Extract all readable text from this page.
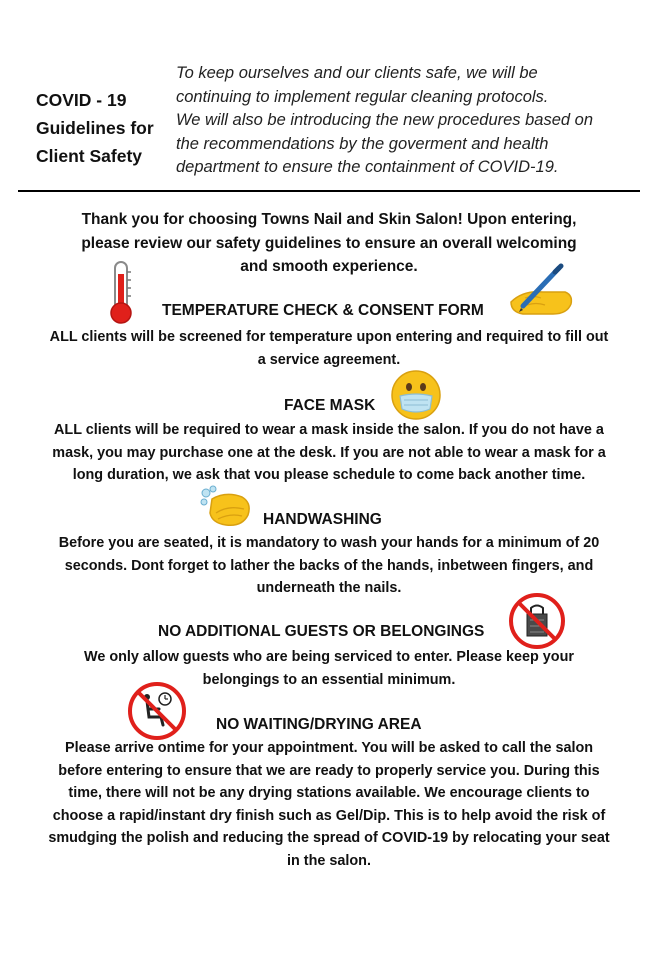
COVID - 19
Guidelines for
Client Safety
To keep ourselves and our clients safe, we will be
continuing to implement regular cleaning protocols.
We will also be introducing the new procedures based on
the recommendations by the goverment and health
department to ensure the containment of COVID-19.
Thank you for choosing Towns Nail and Skin Salon! Upon entering,
please review our safety guidelines to ensure an overall welcoming
and smooth experience.
TEMPERATURE CHECK & CONSENT FORM
ALL clients will be screened for temperature upon entering and required to fill out
a service agreement.
FACE MASK
ALL clients will be required to wear a mask inside the salon. If you do not have a
mask, you may purchase one at the desk. If you are not able to wear a mask for a
long duration, we ask that vou please schedule to come back another time.
HANDWASHING
Before you are seated, it is mandatory to wash your hands for a minimum of 20
seconds. Dont forget to lather the backs of the hands, inbetween fingers, and
underneath the nails.
NO ADDITIONAL GUESTS OR BELONGINGS
We only allow guests who are being serviced to enter. Please keep your
belongings to an essential minimum.
NO WAITING/DRYING AREA
Please arrive ontime for your appointment. You will be asked to call the salon
before entering to ensure that we are ready to properly service you. During this
time, there will not be any drying stations available. We encourage clients to
choose a rapid/instant dry finish such as Gel/Dip. This is to help avoid the risk of
smudging the polish and reducing the spread of COVID-19 by relocating your seat
in the salon.
